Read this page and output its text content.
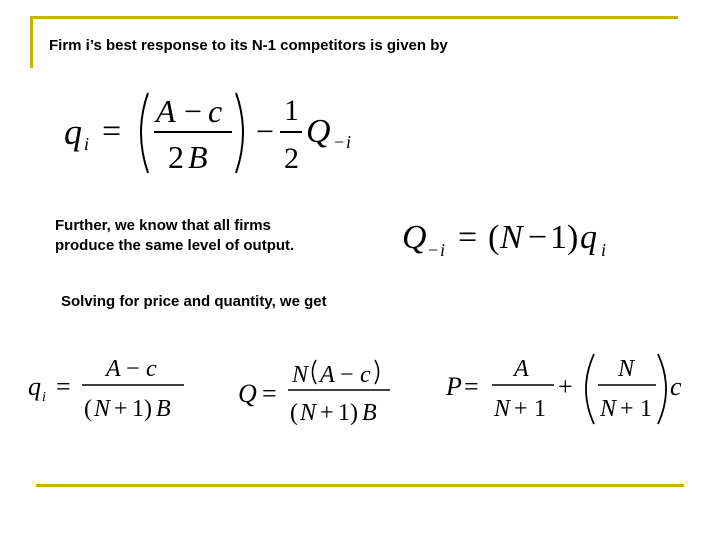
Firm i’s best response to its N-1 competitors is given by

q i =
A − c
2 B
−
1
2
Q − i

Further, we know that all firms
produce the same level of output.	Q − i = ( N − 1) q i

Solving for price and quantity, we get

q i =
A − c
( N + 1) B
Q =
N A − c
( N + 1) B
P =
A
N + 1
+
N
N + 1
c
